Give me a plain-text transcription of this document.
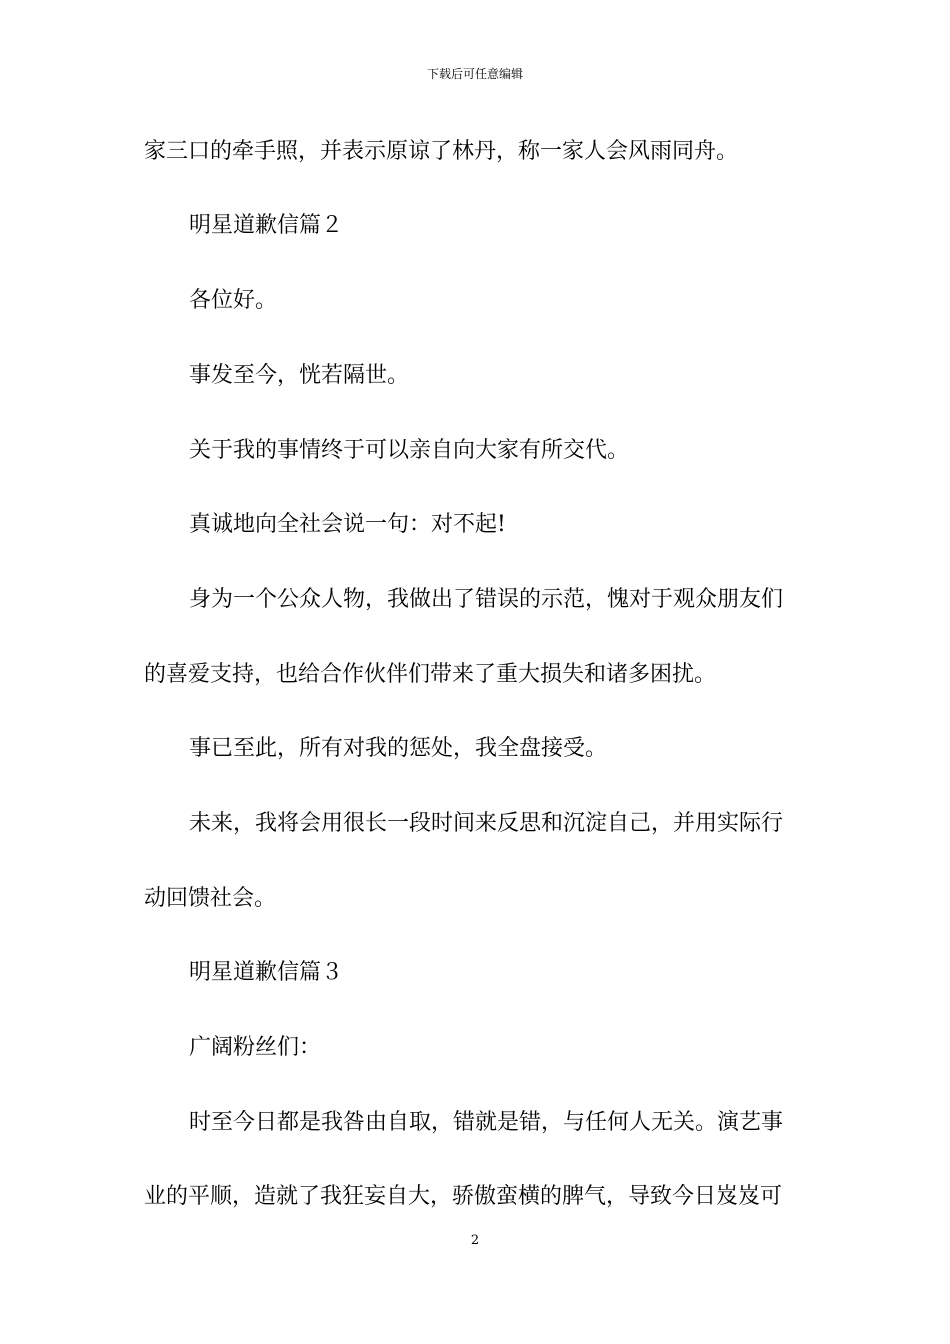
下载后可任意编辑
家三口的牵手照，并表示原谅了林丹，称一家人会风雨同舟。
明星道歉信篇２
各位好。
事发至今，恍若隔世。
关于我的事情终于可以亲自向大家有所交代。
真诚地向全社会说一句：对不起!
身为一个公众人物，我做出了错误的示范，愧对于观众朋友们
的喜爱支持，也给合作伙伴们带来了重大损失和诸多困扰。
事已至此，所有对我的惩处，我全盘接受。
未来，我将会用很长一段时间来反思和沉淀自己，并用实际行
动回馈社会。
明星道歉信篇３
广阔粉丝们：
时至今日都是我咎由自取，错就是错，与任何人无关。演艺事
业的平顺，造就了我狂妄自大，骄傲蛮横的脾气，导致今日岌岌可
2
